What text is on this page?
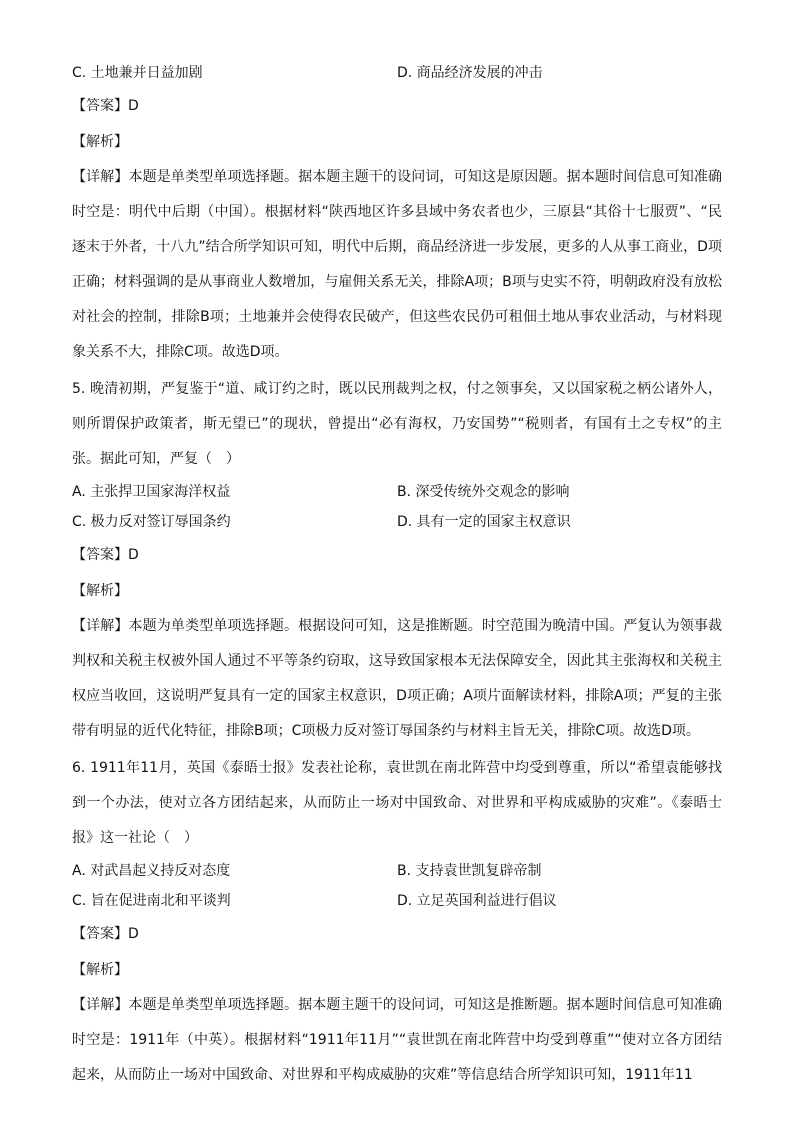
C. 土地兼并日益加剧	D. 商品经济发展的冲击
【答案】D
【解析】
【详解】本题是单类型单项选择题。据本题主题干的设问词，可知这是原因题。据本题时间信息可知准确时空是：明代中后期（中国）。根据材料“陕西地区许多县域中务农者也少，三原县“其俗十七服贾”、“民逐末于外者，十八九”结合所学知识可知，明代中后期，商品经济进一步发展，更多的人从事工商业，D项正确；材料强调的是从事商业人数增加，与雇佣关系无关，排除A项；B项与史实不符，明朝政府没有放松对社会的控制，排除B项；土地兼并会使得农民破产，但这些农民仍可租佃土地从事农业活动，与材料现象关系不大，排除C项。故选D项。
5. 晚清初期，严复鉴于“道、咸订约之时，既以民刑裁判之权，付之领事矣，又以国家税之柄公诸外人，则所谓保护政策者，斯无望已”的现状，曾提出“必有海权，乃安国势”“税则者，有国有土之专权”的主张。据此可知，严复（　）
A. 主张捍卫国家海洋权益	B. 深受传统外交观念的影响
C. 极力反对签订辱国条约	D. 具有一定的国家主权意识
【答案】D
【解析】
【详解】本题为单类型单项选择题。根据设问可知，这是推断题。时空范围为晚清中国。严复认为领事裁判权和关税主权被外国人通过不平等条约窃取，这导致国家根本无法保障安全，因此其主张海权和关税主权应当收回，这说明严复具有一定的国家主权意识，D项正确；A项片面解读材料，排除A项；严复的主张带有明显的近代化特征，排除B项；C项极力反对签订辱国条约与材料主旨无关，排除C项。故选D项。
6. 1911年11月，英国《泰晤士报》发表社论称，袁世凯在南北阵营中均受到尊重，所以“希望袁能够找到一个办法，使对立各方团结起来，从而防止一场对中国致命、对世界和平构成威胁的灾难”。《泰晤士报》这一社论（　）
A. 对武昌起义持反对态度	B. 支持袁世凯复辟帝制
C. 旨在促进南北和平谈判	D. 立足英国利益进行倡议
【答案】D
【解析】
【详解】本题是单类型单项选择题。据本题主题干的设问词，可知这是推断题。据本题时间信息可知准确时空是：1911年（中英）。根据材料“1911年11月”“袁世凯在南北阵营中均受到尊重”“使对立各方团结起来，从而防止一场对中国致命、对世界和平构成威胁的灾难”等信息结合所学知识可知，1911年11
